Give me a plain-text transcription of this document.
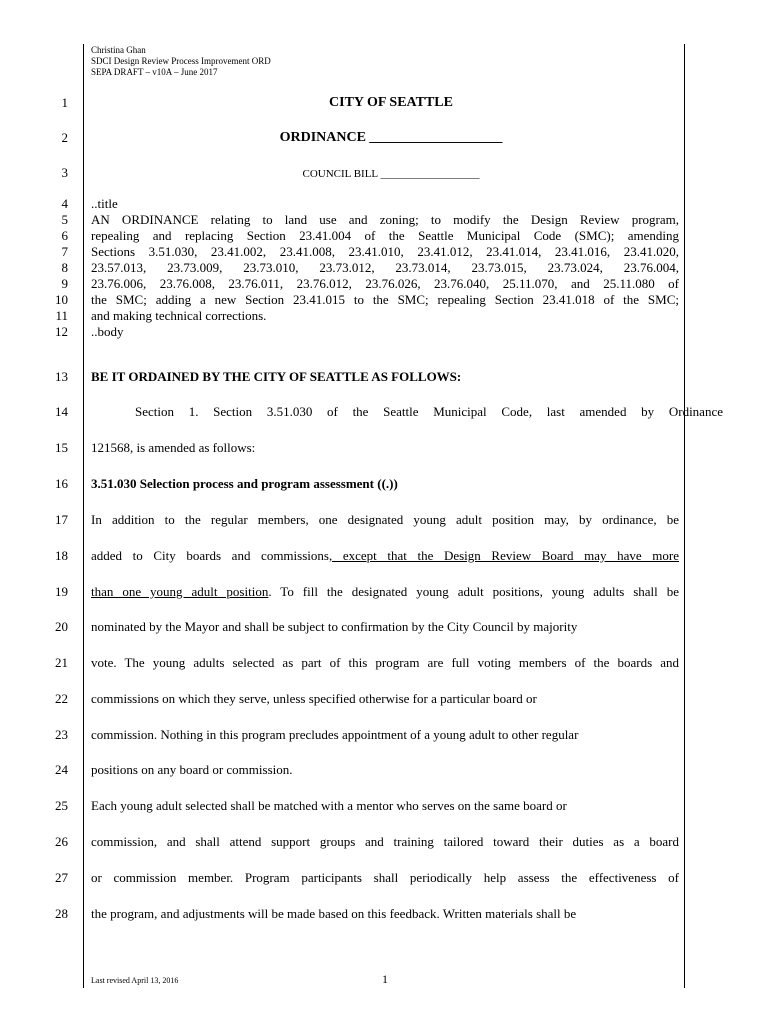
Christina Ghan
SDCI Design Review Process Improvement ORD
SEPA DRAFT – v10A – June 2017
1
2
3
4
5
6
7
8
9
10
11
12
13
14
15
16
17
18
19
20
21
22
23
24
25
26
27
28
CITY OF SEATTLE
ORDINANCE ___________________
COUNCIL BILL __________________
..title
AN ORDINANCE relating to land use and zoning; to modify the Design Review program,
repealing and replacing Section 23.41.004 of the Seattle Municipal Code (SMC); amending
Sections 3.51.030, 23.41.002, 23.41.008, 23.41.010, 23.41.012, 23.41.014, 23.41.016, 23.41.020,
23.57.013, 23.73.009, 23.73.010, 23.73.012, 23.73.014, 23.73.015, 23.73.024, 23.76.004,
23.76.006, 23.76.008, 23.76.011, 23.76.012, 23.76.026, 23.76.040, 25.11.070, and 25.11.080 of
the SMC; adding a new Section 23.41.015 to the SMC; repealing Section 23.41.018 of the SMC;
and making technical corrections.
..body
BE IT ORDAINED BY THE CITY OF SEATTLE AS FOLLOWS:
Section 1. Section 3.51.030 of the Seattle Municipal Code, last amended by Ordinance
121568, is amended as follows:
3.51.030 Selection process and program assessment ((.))
In addition to the regular members, one designated young adult position may, by ordinance, be
added to City boards and commissions, except that the Design Review Board may have more
than one young adult position. To fill the designated young adult positions, young adults shall be
nominated by the Mayor and shall be subject to confirmation by the City Council by majority
vote. The young adults selected as part of this program are full voting members of the boards and
commissions on which they serve, unless specified otherwise for a particular board or
commission. Nothing in this program precludes appointment of a young adult to other regular
positions on any board or commission.
Each young adult selected shall be matched with a mentor who serves on the same board or
commission, and shall attend support groups and training tailored toward their duties as a board
or commission member. Program participants shall periodically help assess the effectiveness of
the program, and adjustments will be made based on this feedback. Written materials shall be
Last revised April 13, 2016	1
